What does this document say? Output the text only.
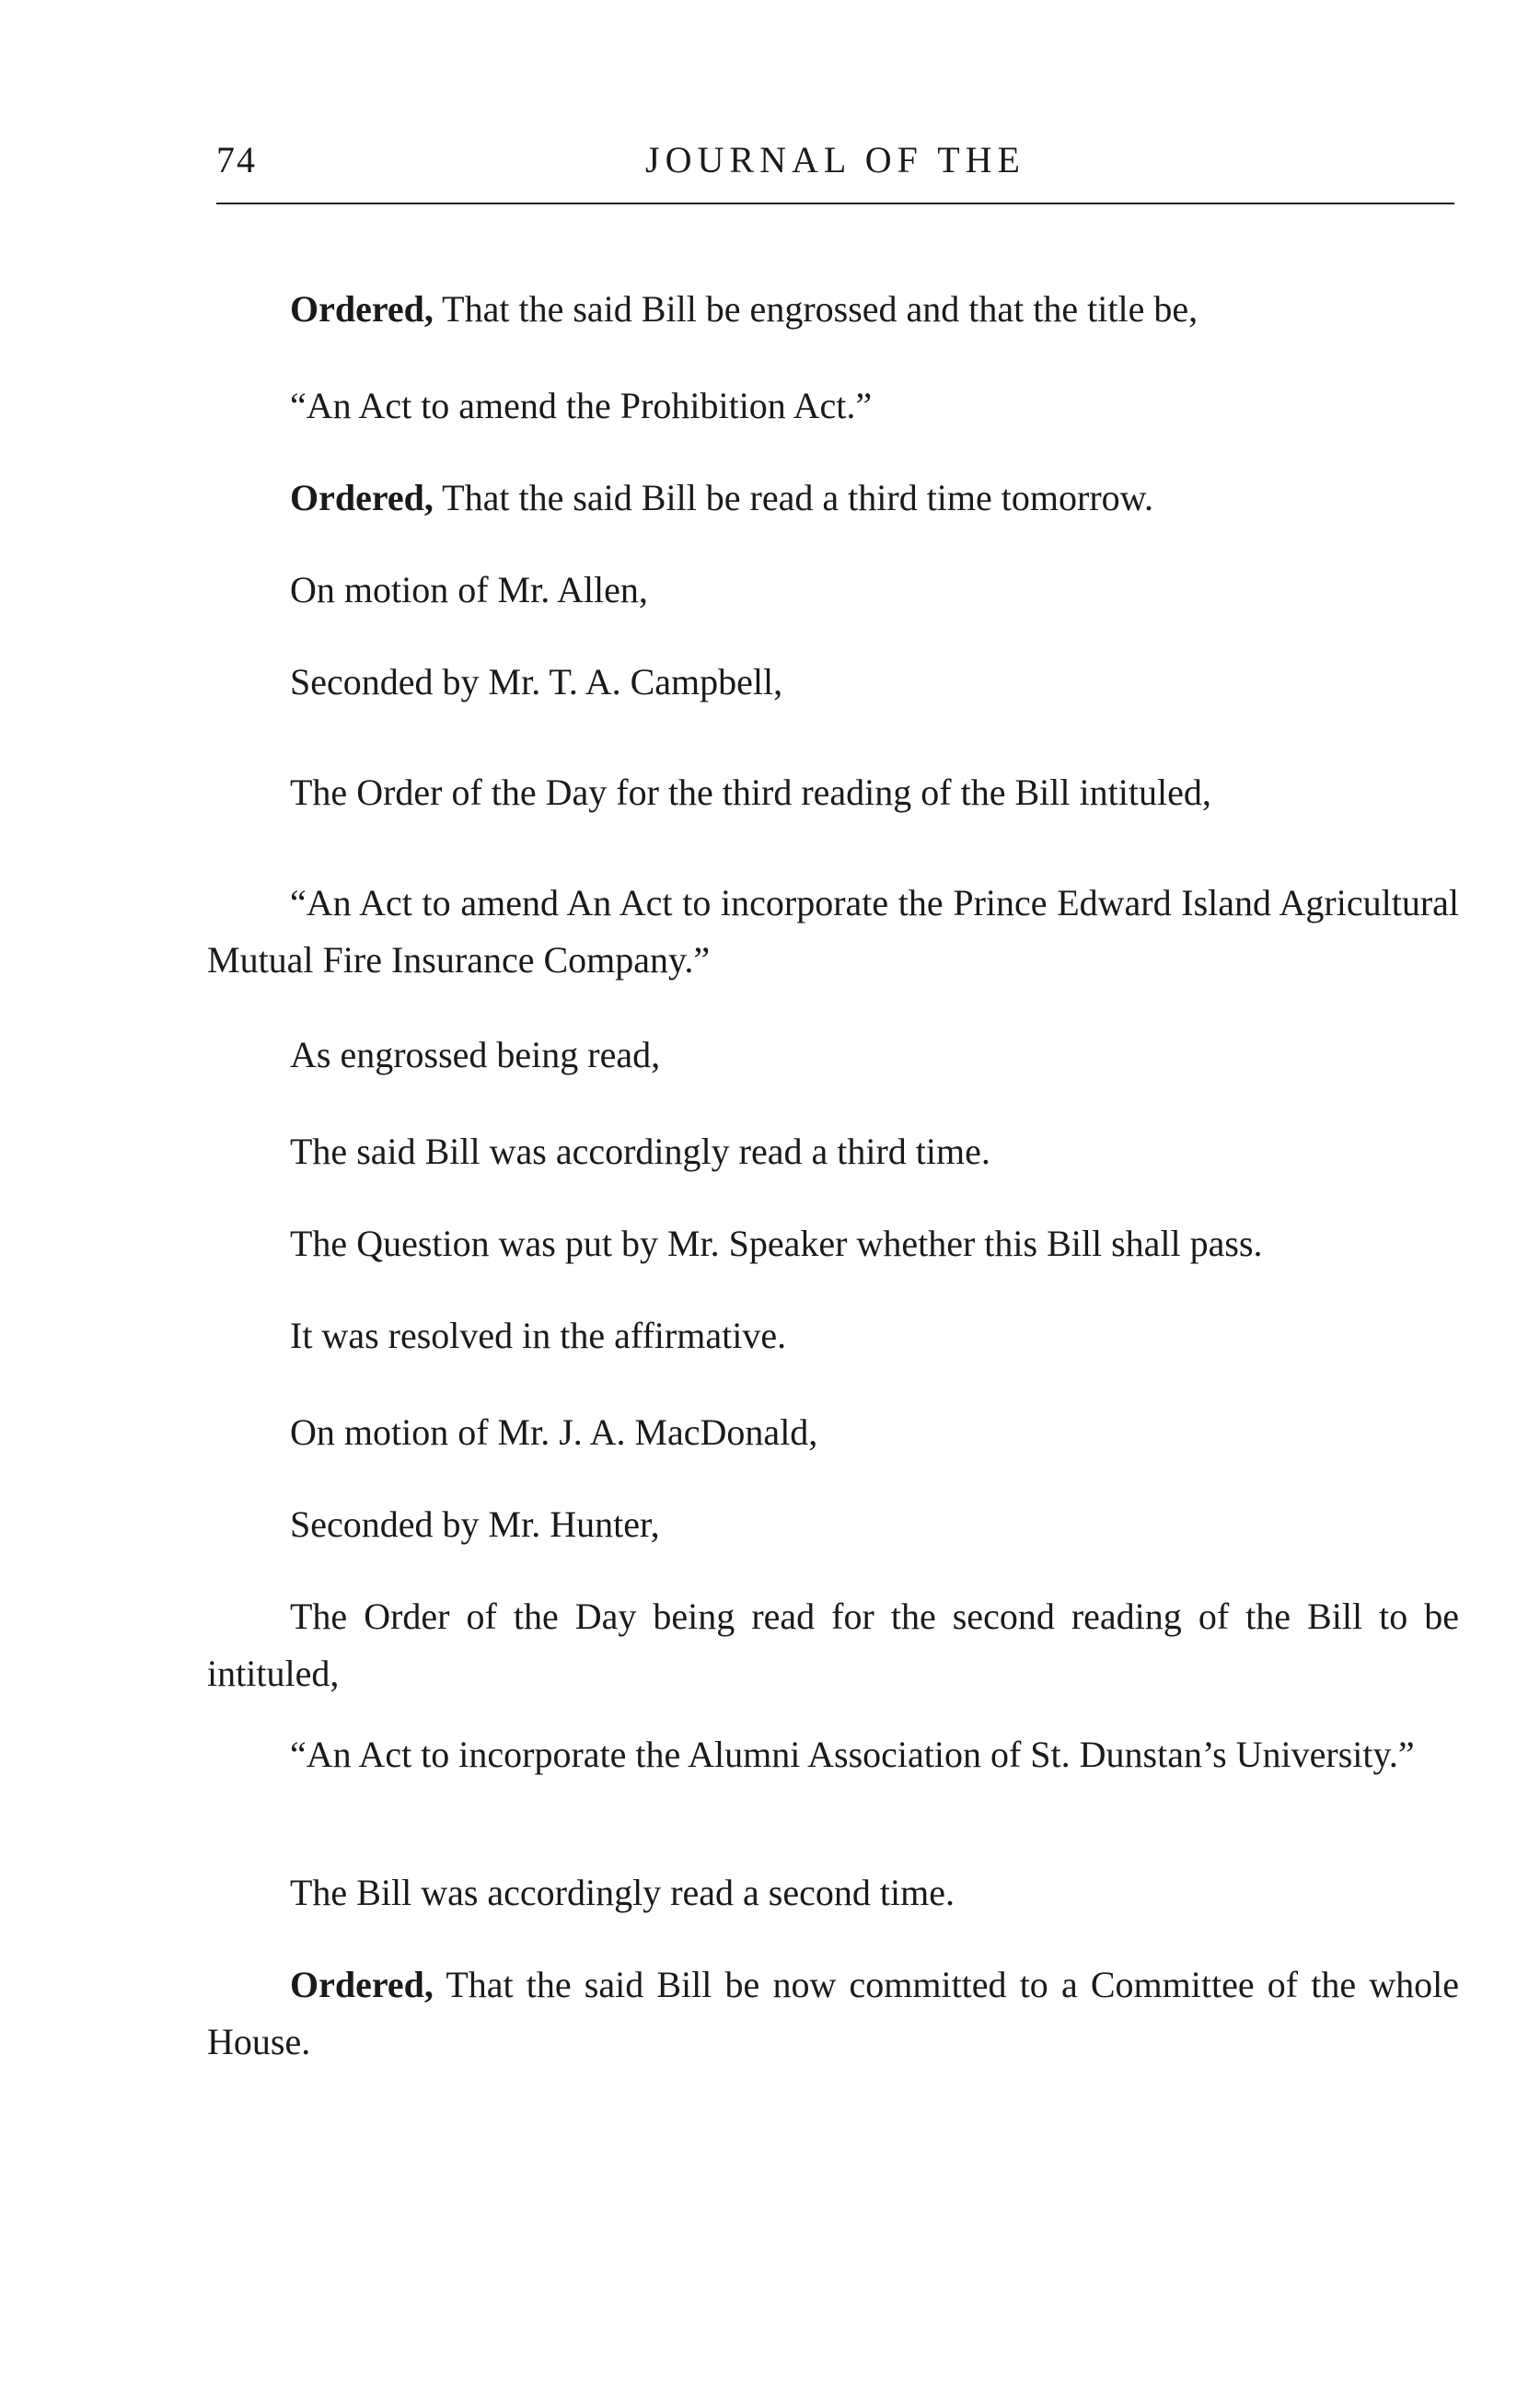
74	JOURNAL OF THE

Ordered, That the said Bill be engrossed and that the title be,

“An Act to amend the Prohibition Act.”

Ordered, That the said Bill be read a third time tomorrow.

On motion of Mr. Allen,

Seconded by Mr. T. A. Campbell,

The Order of the Day for the third reading of the Bill intituled,

“An Act to amend An Act to incorporate the Prince Edward Island Agricultural Mutual Fire Insurance Company.”

As engrossed being read,

The said Bill was accordingly read a third time.

The Question was put by Mr. Speaker whether this Bill shall pass.

It was resolved in the affirmative.

On motion of Mr. J. A. MacDonald,

Seconded by Mr. Hunter,

The Order of the Day being read for the second reading of the Bill to be intituled,

“An Act to incorporate the Alumni Association of St. Dunstan’s University.”

The Bill was accordingly read a second time.

Ordered, That the said Bill be now committed to a Committee of the whole House.
